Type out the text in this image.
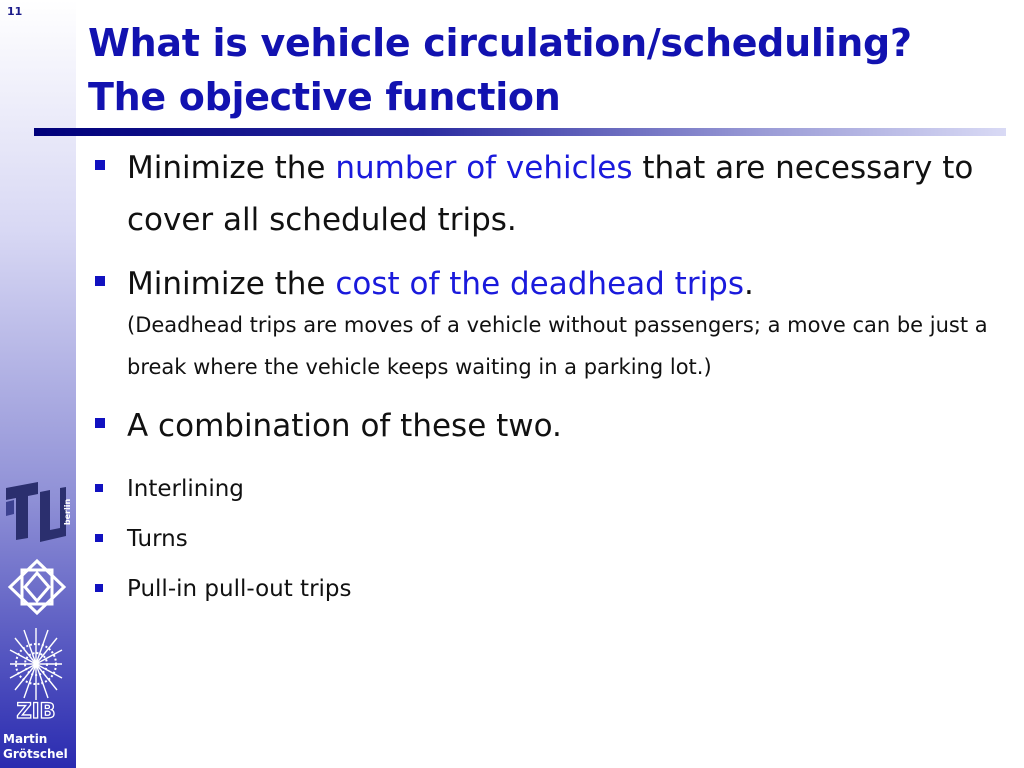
11
berlin
ZIB
Martin
Grötschel
What is vehicle circulation/scheduling?
The objective function
Minimize the number of vehicles that are necessary to cover all scheduled trips.
Minimize the cost of the deadhead trips.
(Deadhead trips are moves of a vehicle without passengers; a move can be just a break where the vehicle keeps waiting in a parking lot.)
A combination of these two.
Interlining
Turns
Pull-in pull-out trips
